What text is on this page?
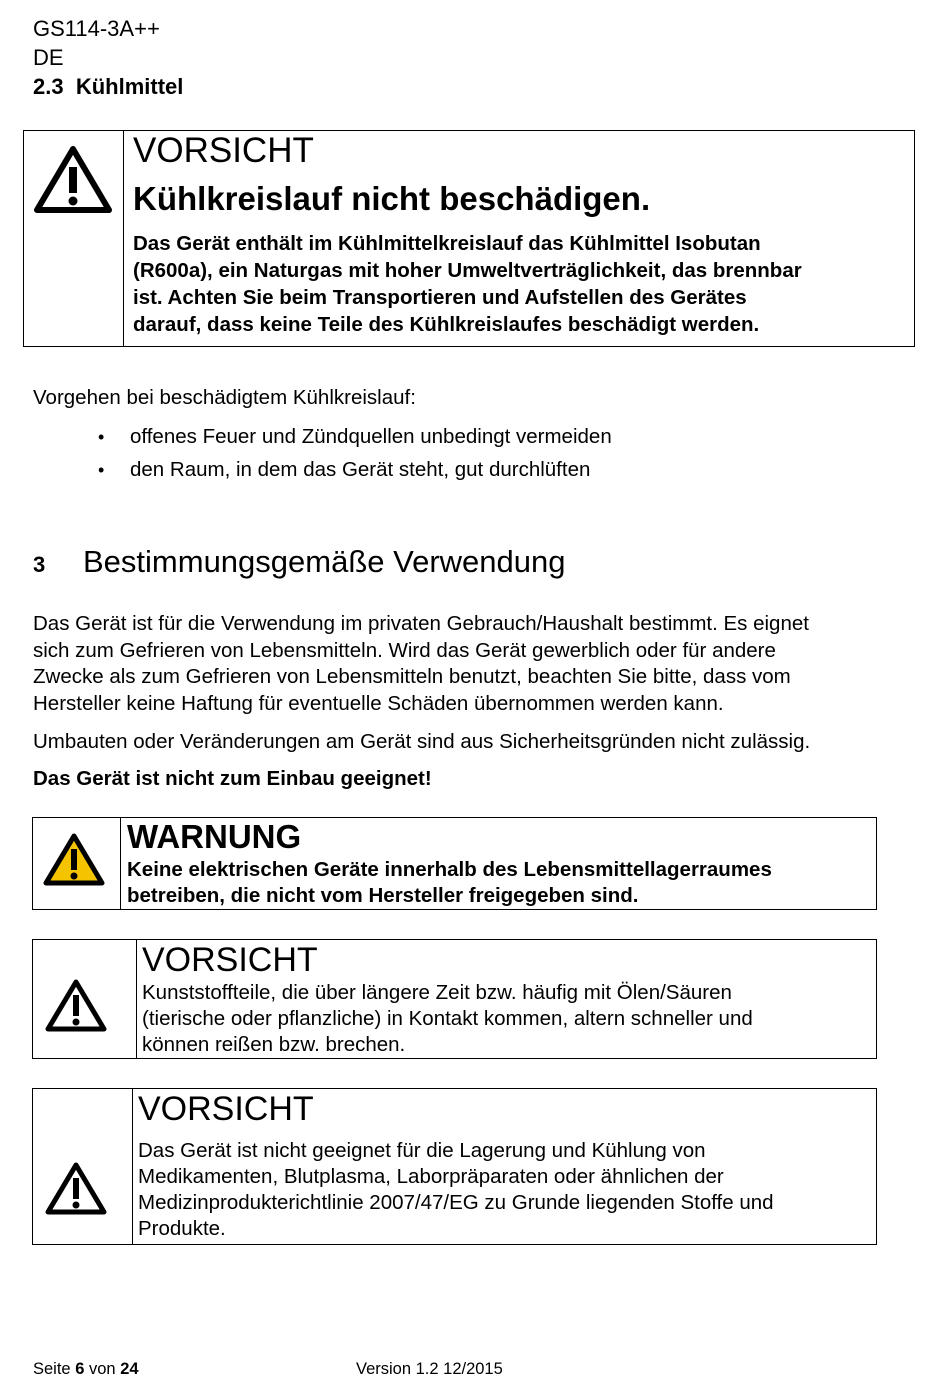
GS114-3A++
DE
2.3 Kühlmittel
VORSICHT
Kühlkreislauf nicht beschädigen.
Das Gerät enthält im Kühlmittelkreislauf das Kühlmittel Isobutan
(R600a), ein Naturgas mit hoher Umweltverträglichkeit, das brennbar
ist. Achten Sie beim Transportieren und Aufstellen des Gerätes
darauf, dass keine Teile des Kühlkreislaufes beschädigt werden.
Vorgehen bei beschädigtem Kühlkreislauf:
• offenes Feuer und Zündquellen unbedingt vermeiden
• den Raum, in dem das Gerät steht, gut durchlüften
3 Bestimmungsgemäße Verwendung
Das Gerät ist für die Verwendung im privaten Gebrauch/Haushalt bestimmt. Es eignet
sich zum Gefrieren von Lebensmitteln. Wird das Gerät gewerblich oder für andere
Zwecke als zum Gefrieren von Lebensmitteln benutzt, beachten Sie bitte, dass vom
Hersteller keine Haftung für eventuelle Schäden übernommen werden kann.
Umbauten oder Veränderungen am Gerät sind aus Sicherheitsgründen nicht zulässig.
Das Gerät ist nicht zum Einbau geeignet!
WARNUNG
Keine elektrischen Geräte innerhalb des Lebensmittellagerraumes
betreiben, die nicht vom Hersteller freigegeben sind.
VORSICHT
Kunststoffteile, die über längere Zeit bzw. häufig mit Ölen/Säuren
(tierische oder pflanzliche) in Kontakt kommen, altern schneller und
können reißen bzw. brechen.
VORSICHT
Das Gerät ist nicht geeignet für die Lagerung und Kühlung von
Medikamenten, Blutplasma, Laborpräparaten oder ähnlichen der
Medizinprodukterichtlinie 2007/47/EG zu Grunde liegenden Stoffe und
Produkte.
Seite 6 von 24	Version 1.2 12/2015
